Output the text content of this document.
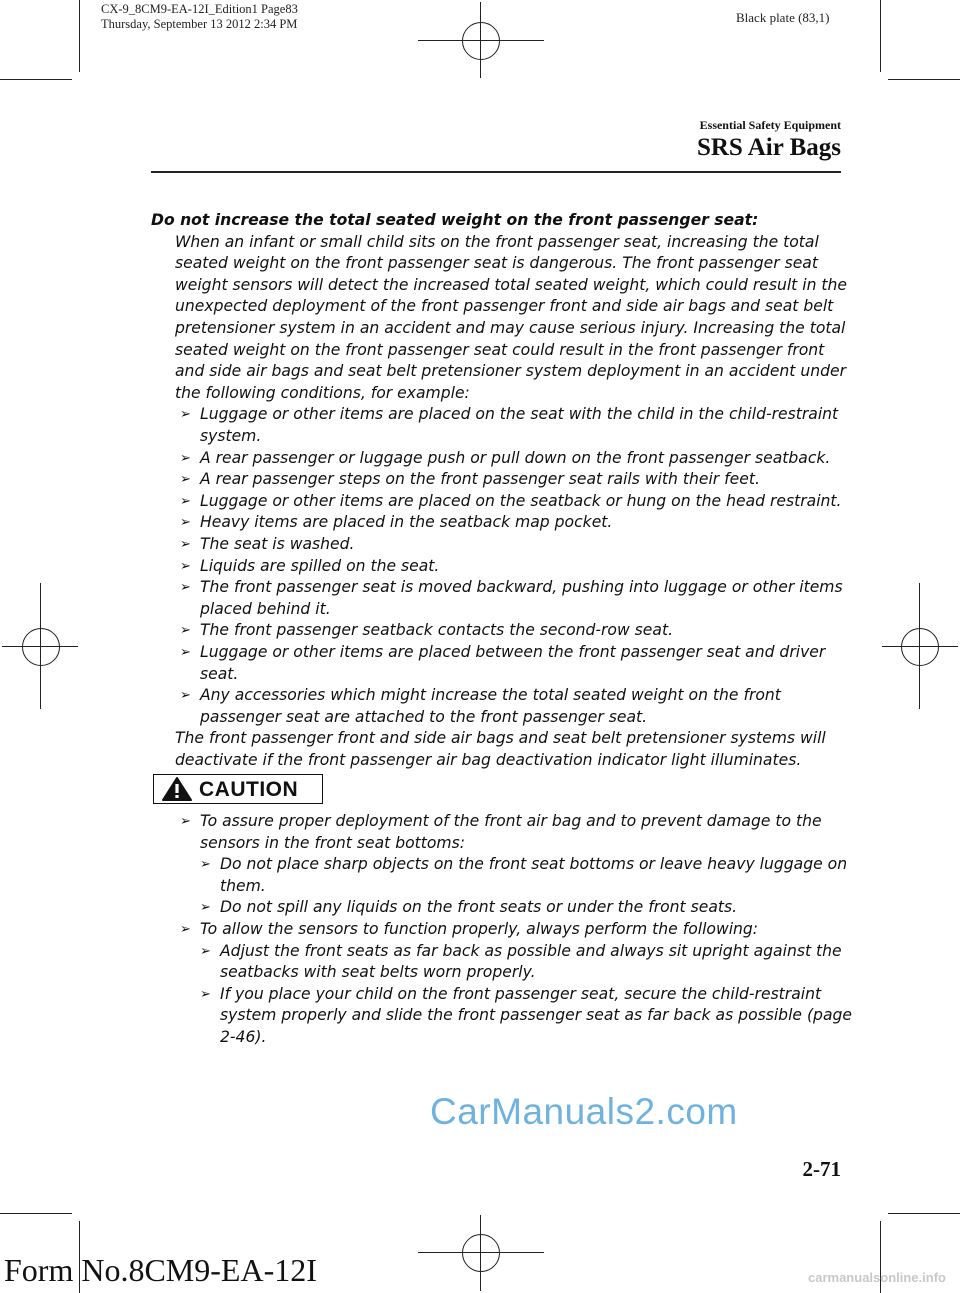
CX-9_8CM9-EA-12I_Edition1 Page83
Thursday, September 13 2012 2:34 PM	Black plate (83,1)
Essential Safety Equipment
SRS Air Bags
Do not increase the total seated weight on the front passenger seat:
When an infant or small child sits on the front passenger seat, increasing the total
seated weight on the front passenger seat is dangerous. The front passenger seat
weight sensors will detect the increased total seated weight, which could result in the
unexpected deployment of the front passenger front and side air bags and seat belt
pretensioner system in an accident and may cause serious injury. Increasing the total
seated weight on the front passenger seat could result in the front passenger front
and side air bags and seat belt pretensioner system deployment in an accident under
the following conditions, for example:
➢ Luggage or other items are placed on the seat with the child in the child-restraint
system.
➢ A rear passenger or luggage push or pull down on the front passenger seatback.
➢ A rear passenger steps on the front passenger seat rails with their feet.
➢ Luggage or other items are placed on the seatback or hung on the head restraint.
➢ Heavy items are placed in the seatback map pocket.
➢ The seat is washed.
➢ Liquids are spilled on the seat.
➢ The front passenger seat is moved backward, pushing into luggage or other items
placed behind it.
➢ The front passenger seatback contacts the second-row seat.
➢ Luggage or other items are placed between the front passenger seat and driver
seat.
➢ Any accessories which might increase the total seated weight on the front
passenger seat are attached to the front passenger seat.
The front passenger front and side air bags and seat belt pretensioner systems will
deactivate if the front passenger air bag deactivation indicator light illuminates.
CAUTION
➢ To assure proper deployment of the front air bag and to prevent damage to the
sensors in the front seat bottoms:
➢ Do not place sharp objects on the front seat bottoms or leave heavy luggage on
them.
➢ Do not spill any liquids on the front seats or under the front seats.
➢ To allow the sensors to function properly, always perform the following:
➢ Adjust the front seats as far back as possible and always sit upright against the
seatbacks with seat belts worn properly.
➢ If you place your child on the front passenger seat, secure the child-restraint
system properly and slide the front passenger seat as far back as possible (page
2-46).
CarManuals2.com
2-71
Form No.8CM9-EA-12I	carmanualsonline.info
